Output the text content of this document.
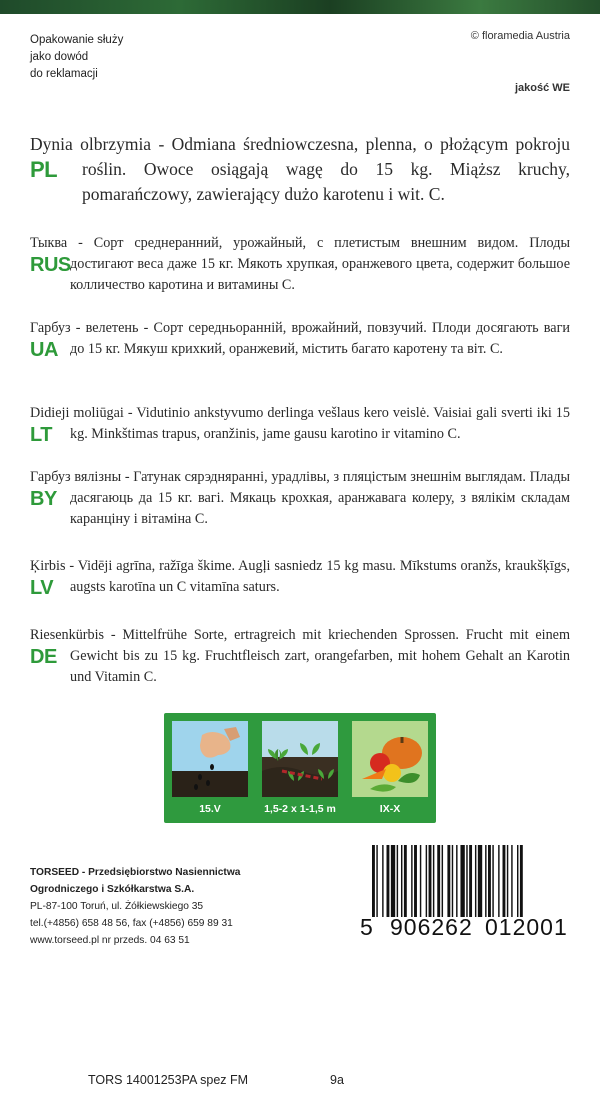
Opakowanie służy
jako dowód
do reklamacji
© floramedia Austria
jakość WE
Dynia olbrzymia - Odmiana średniowczesna, plenna, o płożącym pokroju roślin. Owoce osiągają wagę do 15 kg. Miąższ kruchy, pomarańczowy, zawierający dużo karotenu i wit. C.
PL
Тыква - Сорт среднеранний, урожайный, с плетистым внешним видом. Плоды достигают веса даже 15 кг. Мякоть хрупкая, оранжевого цвета, содержит большое колличество каротина и витамины С.
RUS
Гарбуз - велетень - Сорт середньоранній, врожайний, повзучий. Плоди досягають ваги до 15 кг. Мякуш крихкий, оранжевий, містить багато каротену та віт. С.
UA
Didieji moliūgai - Vidutinio ankstyvumo derlinga vešlaus kero veislė. Vaisiai gali sverti iki 15 kg. Minkštimas trapus, oranžinis, jame gausu karotino ir vitamino C.
LT
Гарбуз вялізны - Гатунак сярэдняранні, урадлівы, з пляцістым знешнім выглядам. Плады дасягаюць да 15 кг. вагі. Мякаць крохкая, аранжавага колеру, з вялікім складам каранціну і вітаміна С.
BY
Ķirbis - Vidēji agrīna, ražīga škime. Augļi sasniedz 15 kg masu. Mīkstums oranžs, kraukšķīgs, augsts karotīna un C vitamīna saturs.
LV
Riesenkürbis - Mittelfrühe Sorte, ertragreich mit kriechenden Sprossen. Frucht mit einem Gewicht bis zu 15 kg. Fruchtfleisch zart, orangefarben, mit hohem Gehalt an Karotin und Vitamin C.
DE
15.V	1,5-2 x 1-1,5 m	IX-X
TORSEED - Przedsiębiorstwo Nasiennictwa
Ogrodniczego i Szkółkarstwa S.A.
PL-87-100 Toruń, ul. Żółkiewskiego 35
tel.(+4856) 658 48 56, fax (+4856) 659 89 31
www.torseed.pl nr przeds. 04 63 51
5 906262 012001
TORS 14001253PA spez FM	9a
